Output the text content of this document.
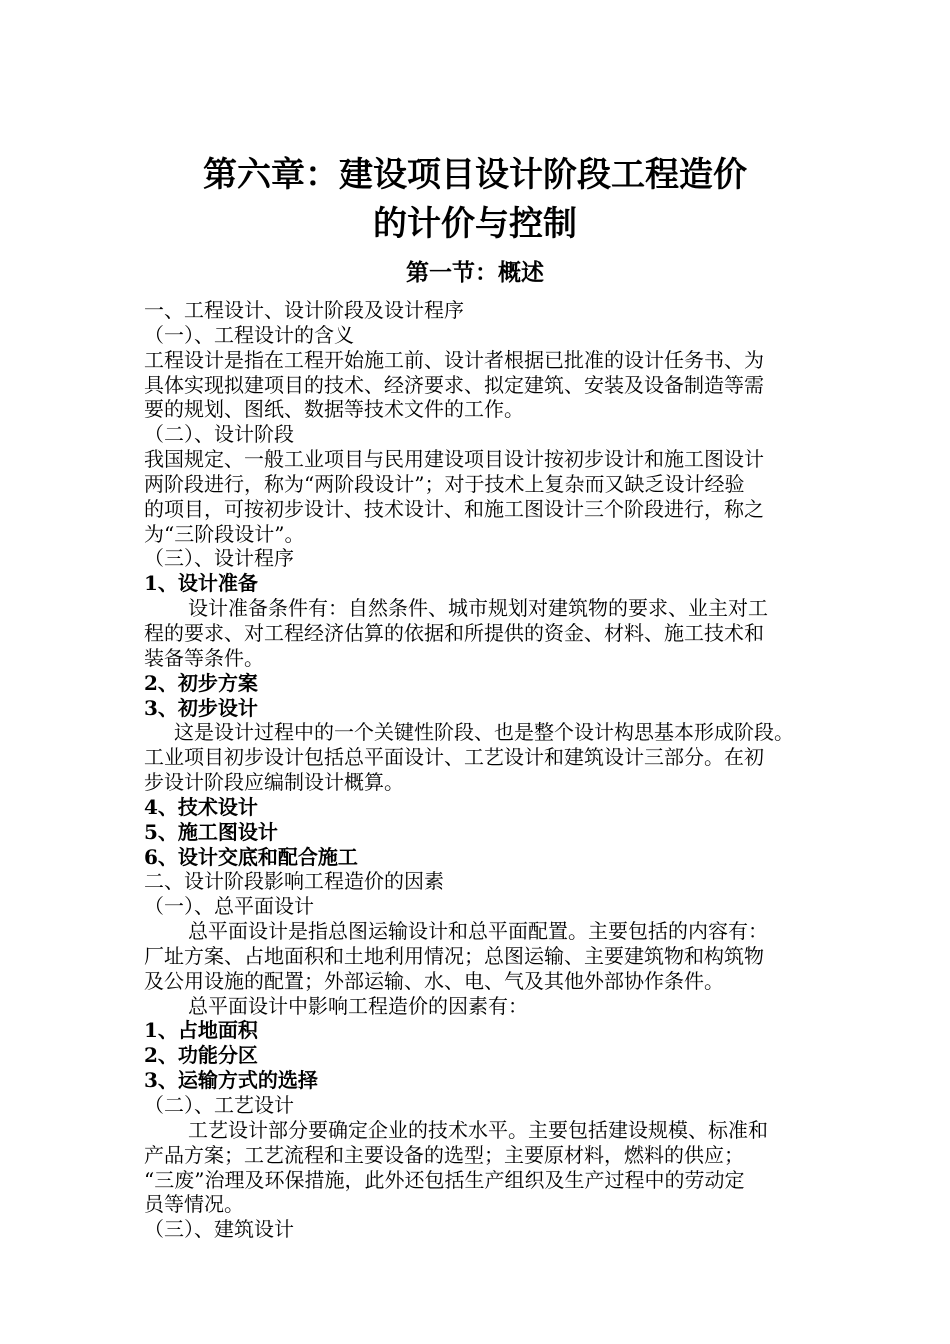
第六章：建设项目设计阶段工程造价
的计价与控制
第一节：概述
一、工程设计、设计阶段及设计程序
（一）、工程设计的含义
工程设计是指在工程开始施工前、设计者根据已批准的设计任务书、为
具体实现拟建项目的技术、经济要求、拟定建筑、安装及设备制造等需
要的规划、图纸、数据等技术文件的工作。
（二）、设计阶段
我国规定、一般工业项目与民用建设项目设计按初步设计和施工图设计
两阶段进行，称为“两阶段设计”；对于技术上复杂而又缺乏设计经验
的项目，可按初步设计、技术设计、和施工图设计三个阶段进行，称之
为“三阶段设计”。
（三）、设计程序
1、设计准备
设计准备条件有：自然条件、城市规划对建筑物的要求、业主对工
程的要求、对工程经济估算的依据和所提供的资金、材料、施工技术和
装备等条件。
2、初步方案
3、初步设计
这是设计过程中的一个关键性阶段、也是整个设计构思基本形成阶段。
工业项目初步设计包括总平面设计、工艺设计和建筑设计三部分。在初
步设计阶段应编制设计概算。
4、技术设计
5、施工图设计
6、设计交底和配合施工
二、设计阶段影响工程造价的因素
（一）、总平面设计
总平面设计是指总图运输设计和总平面配置。主要包括的内容有：
厂址方案、占地面积和土地利用情况；总图运输、主要建筑物和构筑物
及公用设施的配置；外部运输、水、电、气及其他外部协作条件。
总平面设计中影响工程造价的因素有：
1、占地面积
2、功能分区
3、运输方式的选择
（二）、工艺设计
工艺设计部分要确定企业的技术水平。主要包括建设规模、标准和
产品方案；工艺流程和主要设备的选型；主要原材料，燃料的供应；
“三废”治理及环保措施，此外还包括生产组织及生产过程中的劳动定
员等情况。
（三）、建筑设计
